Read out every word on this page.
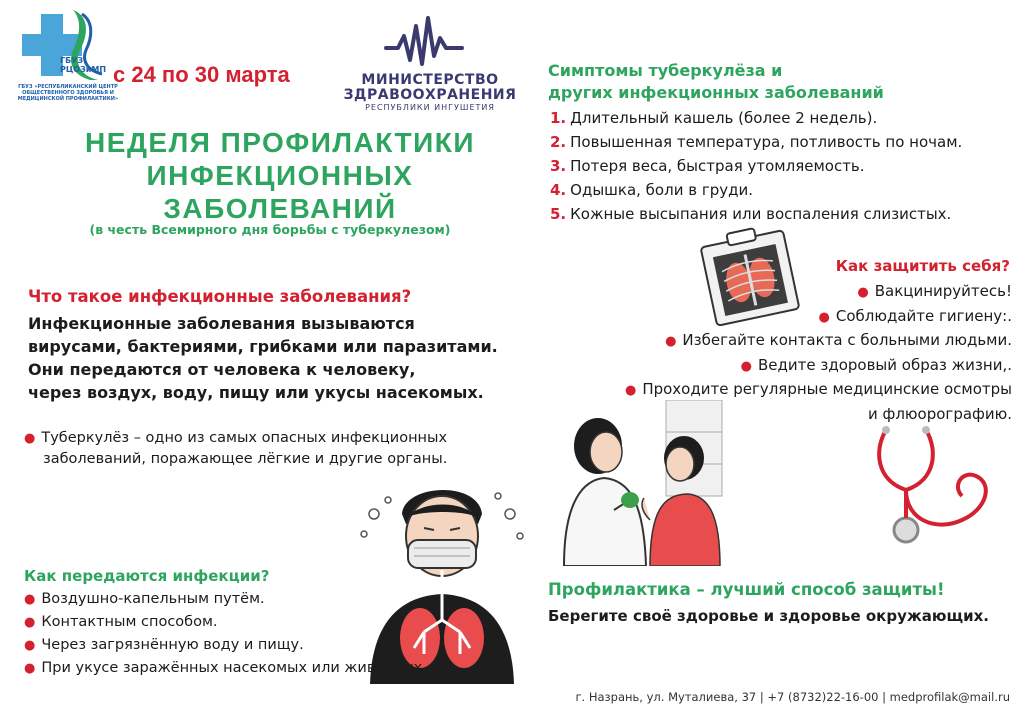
ГБУЗ РЦОЗиМП
ГБУЗ «РЕСПУБЛИКАНСКИЙ ЦЕНТР ОБЩЕСТВЕННОГО ЗДОРОВЬЯ И МЕДИЦИНСКОЙ ПРОФИЛАКТИКИ»
с 24 по 30 марта	МИНИСТЕРСТВО
ЗДРАВООХРАНЕНИЯ
РЕСПУБЛИКИ ИНГУШЕТИЯ
НЕДЕЛЯ ПРОФИЛАКТИКИ
ИНФЕКЦИОННЫХ
ЗАБОЛЕВАНИЙ
(в честь Всемирного дня борьбы с туберкулезом)
Симптомы туберкулёза и
других инфекционных заболеваний
1. Длительный кашель (более 2 недель).
2. Повышенная температура, потливость по ночам.
3. Потеря веса, быстрая утомляемость.
4. Одышка, боли в груди.
5. Кожные высыпания или воспаления слизистых.
Что такое инфекционные заболевания?
Инфекционные заболевания вызываются
вирусами, бактериями, грибками или паразитами.
Они передаются от человека к человеку,
через воздух, воду, пищу или укусы насекомых.
● Туберкулёз – одно из самых опасных инфекционных
заболеваний, поражающее лёгкие и другие органы.
Как передаются инфекции?
● Воздушно-капельным путём.
● Контактным способом.
● Через загрязнённую воду и пищу.
● При укусе заражённых насекомых или животных.
Как защитить себя?
● Вакцинируйтесь!
● Соблюдайте гигиену:.
● Избегайте контакта с больными людьми.
● Ведите здоровый образ жизни,.
● Проходите регулярные медицинские осмотры
и флюорографию.
Профилактика – лучший способ защиты!
Берегите своё здоровье и здоровье окружающих.
г. Назрань, ул. Муталиева, 37 | +7 (8732)22-16-00 | medprofilak@mail.ru
